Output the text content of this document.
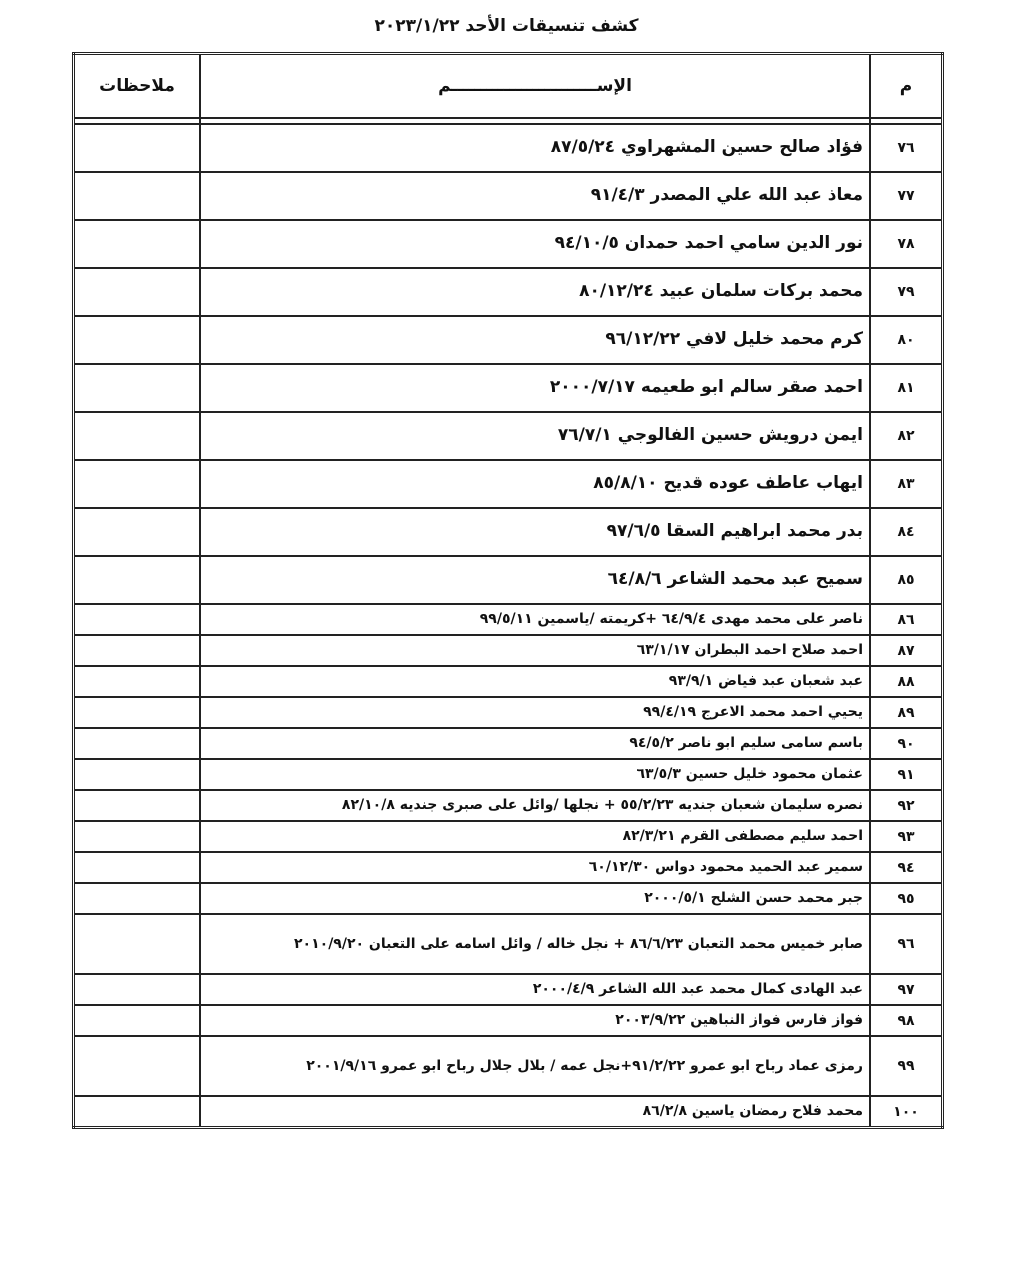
كشف تنسيقات الأحد ٢٠٢٣/١/٢٢
م	الإســـــــــــــــــــــــــم	ملاحظات

٧٦	فؤاد صالح حسين المشهراوي ٨٧/٥/٢٤	
٧٧	معاذ عبد الله علي المصدر ٩١/٤/٣	
٧٨	نور الدين سامي احمد حمدان ٩٤/١٠/٥	
٧٩	محمد بركات سلمان عبيد ٨٠/١٢/٢٤	
٨٠	كرم محمد خليل لافي ٩٦/١٢/٢٢	
٨١	احمد صقر سالم ابو طعيمه ٢٠٠٠/٧/١٧	
٨٢	ايمن درويش حسين الفالوجي ٧٦/٧/١	
٨٣	ايهاب عاطف عوده قديح ٨٥/٨/١٠	
٨٤	بدر محمد ابراهيم السقا ٩٧/٦/٥	
٨٥	سميح عبد محمد الشاعر ٦٤/٨/٦	
٨٦	ناصر على محمد مهدى ٦٤/٩/٤ +كريمته /ياسمين ٩٩/٥/١١	
٨٧	احمد صلاح احمد البطران ٦٣/١/١٧	
٨٨	عبد شعبان عبد فياض ٩٣/٩/١	
٨٩	يحيي احمد محمد الاعرج ٩٩/٤/١٩	
٩٠	باسم سامى سليم ابو ناصر ٩٤/٥/٢	
٩١	عثمان محمود خليل حسين ٦٣/٥/٣	
٩٢	نصره سليمان شعبان جنديه ٥٥/٢/٢٣ + نجلها /وائل على صبرى جنديه ٨٢/١٠/٨	
٩٣	احمد سليم مصطفى القرم ٨٢/٣/٢١	
٩٤	سمير عبد الحميد محمود دواس ٦٠/١٢/٣٠	
٩٥	جبر محمد حسن الشلح ٢٠٠٠/٥/١	
٩٦	صابر خميس محمد التعبان ٨٦/٦/٢٣ + نجل خاله / وائل اسامه على التعبان ٢٠١٠/٩/٢٠	
٩٧	عبد الهادى كمال محمد عبد الله الشاعر ٢٠٠٠/٤/٩	
٩٨	فواز فارس فواز النباهين ٢٠٠٣/٩/٢٢	
٩٩	رمزى عماد رباح ابو عمرو ٩١/٢/٢٢+نجل عمه / بلال جلال رباح ابو عمرو ٢٠٠١/٩/١٦	
١٠٠	محمد فلاح رمضان ياسين ٨٦/٢/٨	
